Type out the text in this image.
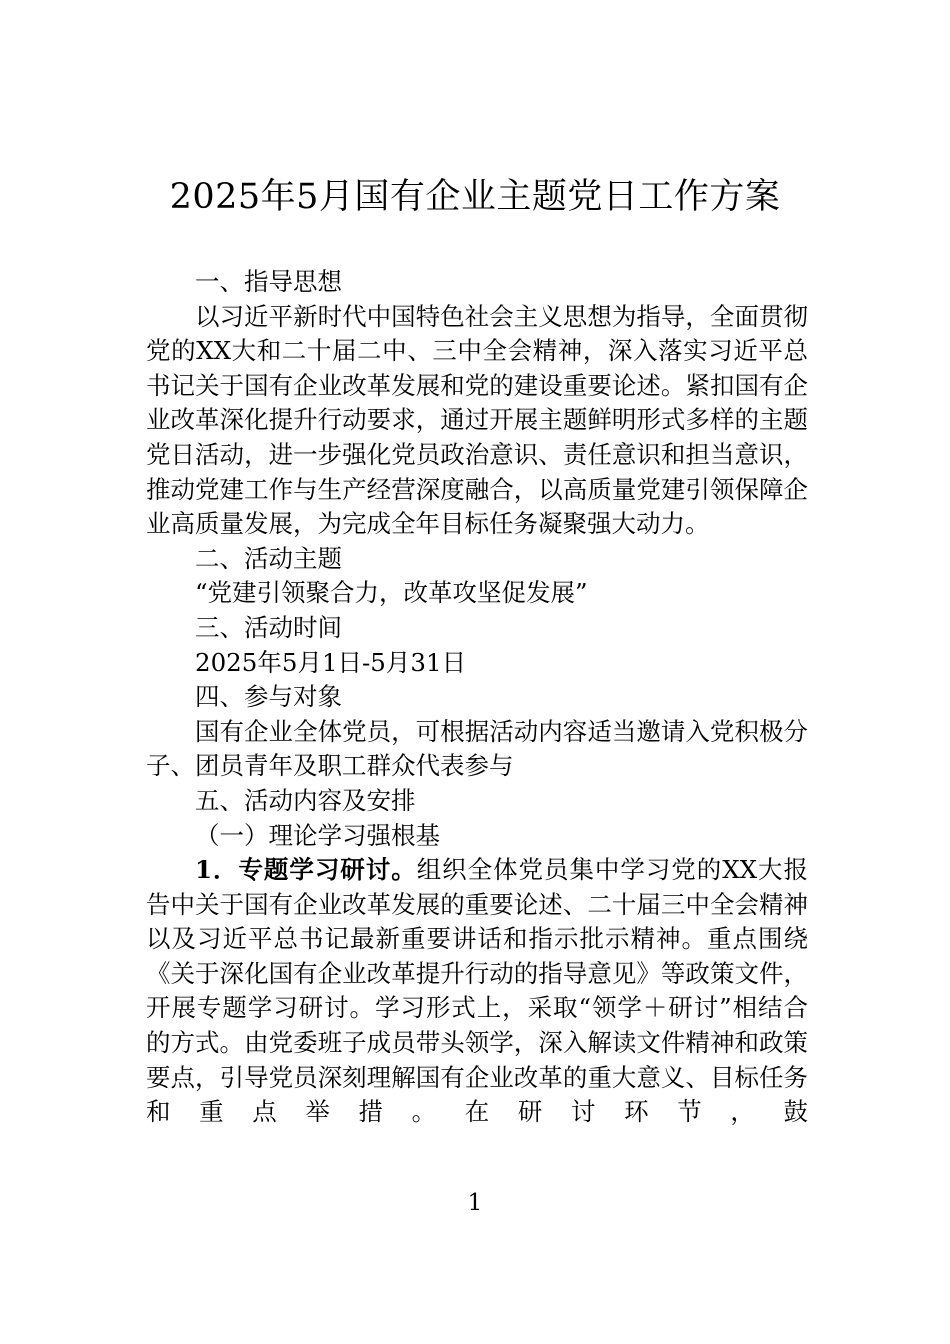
2025年5月国有企业主题党日工作方案

一、指导思想

以习近平新时代中国特色社会主义思想为指导，全面贯彻党的XX大和二十届二中、三中全会精神，深入落实习近平总书记关于国有企业改革发展和党的建设重要论述。紧扣国有企业改革深化提升行动要求，通过开展主题鲜明形式多样的主题党日活动，进一步强化党员政治意识、责任意识和担当意识，推动党建工作与生产经营深度融合，以高质量党建引领保障企业高质量发展，为完成全年目标任务凝聚强大动力。

二、活动主题

“党建引领聚合力，改革攻坚促发展”

三、活动时间

2025年5月1日-5月31日

四、参与对象

国有企业全体党员，可根据活动内容适当邀请入党积极分子、团员青年及职工群众代表参与

五、活动内容及安排

（一）理论学习强根基

1．专题学习研讨。组织全体党员集中学习党的XX大报告中关于国有企业改革发展的重要论述、二十届三中全会精神以及习近平总书记最新重要讲话和指示批示精神。重点围绕《关于深化国有企业改革提升行动的指导意见》等政策文件，开展专题学习研讨。学习形式上，采取“领学＋研讨”相结合的方式。由党委班子成员带头领学，深入解读文件精神和政策要点，引导党员深刻理解国有企业改革的重大意义、目标任务和重点举措。在研讨环节，鼓

1
